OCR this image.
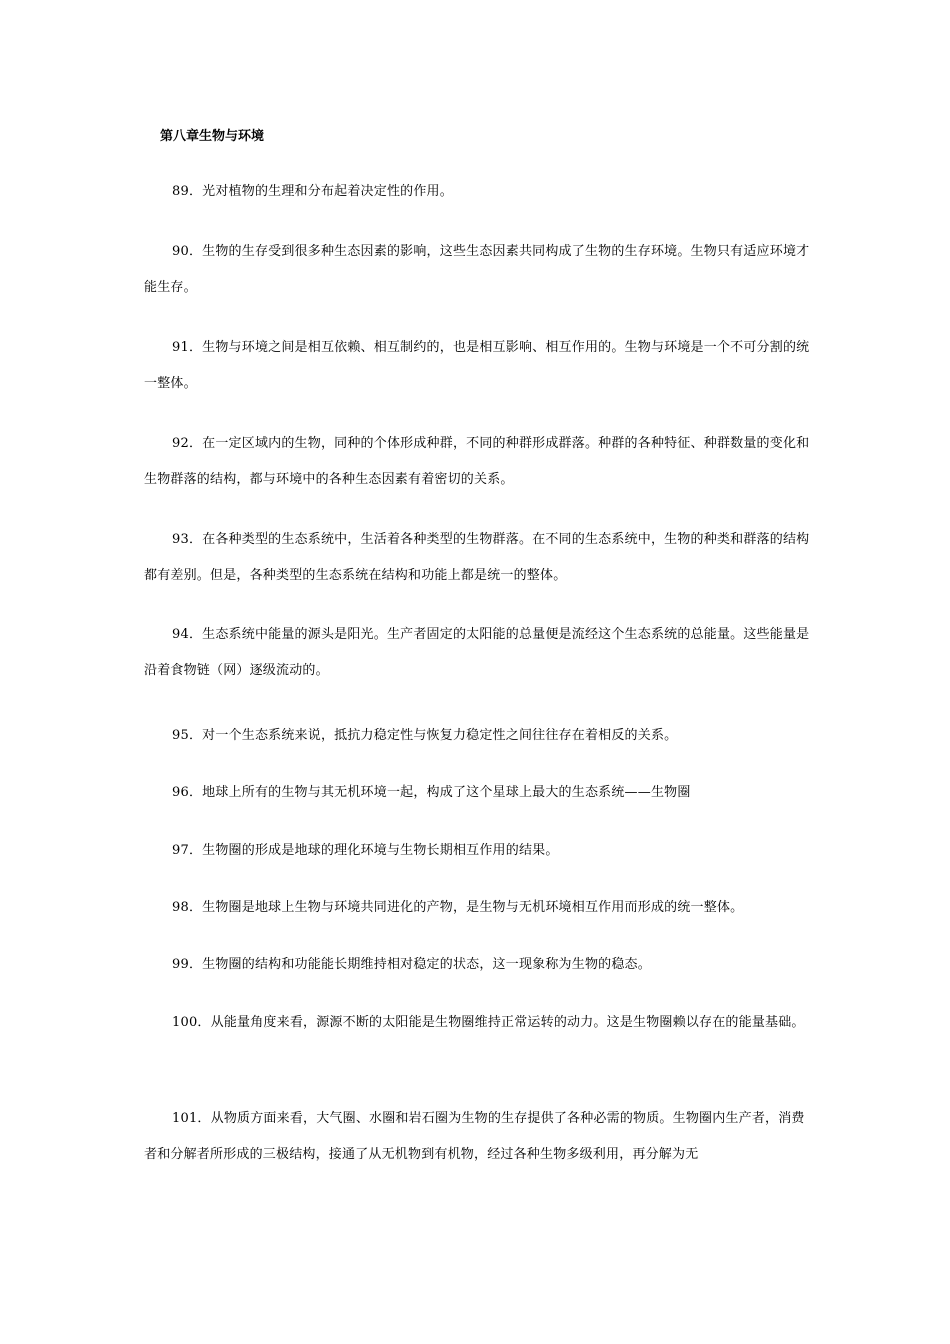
第八章生物与环境

89．光对植物的生理和分布起着决定性的作用。

90．生物的生存受到很多种生态因素的影响，这些生态因素共同构成了生物的生存环境。生物只有适应环境才能生存。

91．生物与环境之间是相互依赖、相互制约的，也是相互影响、相互作用的。生物与环境是一个不可分割的统一整体。

92．在一定区域内的生物，同种的个体形成种群，不同的种群形成群落。种群的各种特征、种群数量的变化和生物群落的结构，都与环境中的各种生态因素有着密切的关系。

93．在各种类型的生态系统中，生活着各种类型的生物群落。在不同的生态系统中，生物的种类和群落的结构都有差别。但是，各种类型的生态系统在结构和功能上都是统一的整体。

94．生态系统中能量的源头是阳光。生产者固定的太阳能的总量便是流经这个生态系统的总能量。这些能量是沿着食物链（网）逐级流动的。

95．对一个生态系统来说，抵抗力稳定性与恢复力稳定性之间往往存在着相反的关系。

96．地球上所有的生物与其无机环境一起，构成了这个星球上最大的生态系统——生物圈

97．生物圈的形成是地球的理化环境与生物长期相互作用的结果。

98．生物圈是地球上生物与环境共同进化的产物，是生物与无机环境相互作用而形成的统一整体。

99．生物圈的结构和功能能长期维持相对稳定的状态，这一现象称为生物的稳态。

100．从能量角度来看，源源不断的太阳能是生物圈维持正常运转的动力。这是生物圈赖以存在的能量基础。

101．从物质方面来看，大气圈、水圈和岩石圈为生物的生存提供了各种必需的物质。生物圈内生产者，消费者和分解者所形成的三极结构，接通了从无机物到有机物，经过各种生物多级利用，再分解为无
